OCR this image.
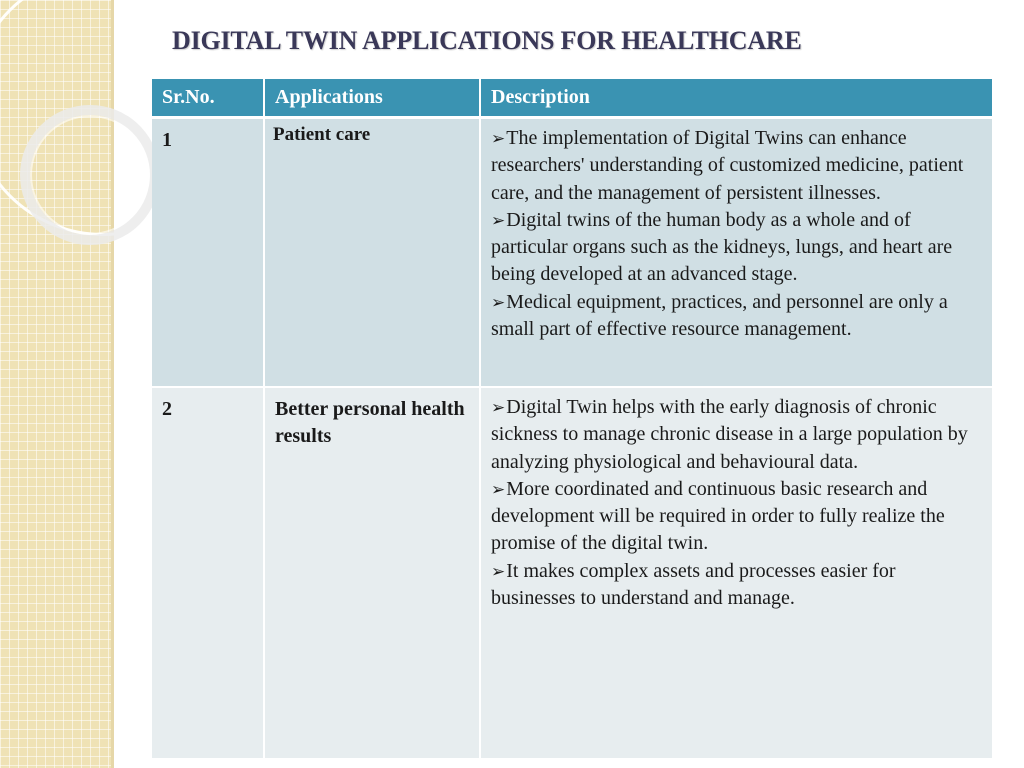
DIGITAL TWIN APPLICATIONS FOR HEALTHCARE
Sr.No.	Applications	Description
1	Patient care	➢The implementation of Digital Twins can enhance researchers' understanding of customized medicine, patient care, and the management of persistent illnesses.
➢Digital twins of the human body as a whole and of particular organs such as the kidneys, lungs, and heart are being developed at an advanced stage.
➢Medical equipment, practices, and personnel are only a small part of effective resource management.

2	Better personal health results	➢Digital Twin helps with the early diagnosis of chronic sickness to manage chronic disease in a large population by analyzing physiological and behavioural data.
➢More coordinated and continuous basic research and development will be required in order to fully realize the promise of the digital twin.
➢It makes complex assets and processes easier for businesses to understand and manage.
